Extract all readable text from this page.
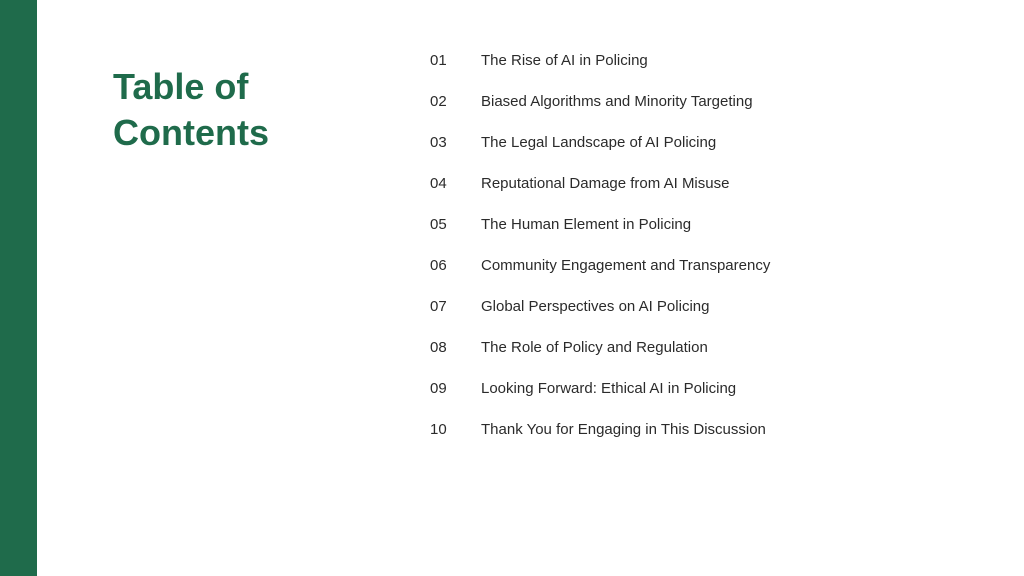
Table of
Contents
01	The Rise of AI in Policing
02	Biased Algorithms and Minority Targeting
03	The Legal Landscape of AI Policing
04	Reputational Damage from AI Misuse
05	The Human Element in Policing
06	Community Engagement and Transparency
07	Global Perspectives on AI Policing
08	The Role of Policy and Regulation
09	Looking Forward: Ethical AI in Policing
10	Thank You for Engaging in This Discussion
